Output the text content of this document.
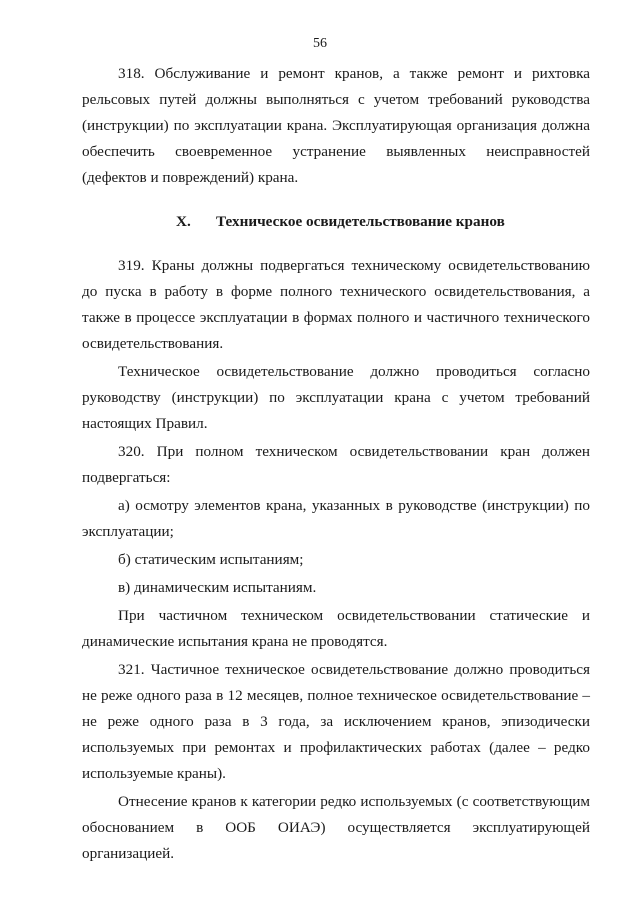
56

318. Обслуживание и ремонт кранов, а также ремонт и рихтовка рельсовых путей должны выполняться с учетом требований руководства (инструкции) по эксплуатации крана. Эксплуатирующая организация должна обеспечить своевременное устранение выявленных неисправностей (дефектов и повреждений) крана.

X. Техническое освидетельствование кранов

319. Краны должны подвергаться техническому освидетельствованию до пуска в работу в форме полного технического освидетельствования, а также в процессе эксплуатации в формах полного и частичного технического освидетельствования.

Техническое освидетельствование должно проводиться согласно руководству (инструкции) по эксплуатации крана с учетом требований настоящих Правил.

320. При полном техническом освидетельствовании кран должен подвергаться:

а) осмотру элементов крана, указанных в руководстве (инструкции) по эксплуатации;

б) статическим испытаниям;

в) динамическим испытаниям.

При частичном техническом освидетельствовании статические и динамические испытания крана не проводятся.

321. Частичное техническое освидетельствование должно проводиться не реже одного раза в 12 месяцев, полное техническое освидетельствование – не реже одного раза в 3 года, за исключением кранов, эпизодически используемых при ремонтах и профилактических работах (далее – редко используемые краны).

Отнесение кранов к категории редко используемых (с соответствующим обоснованием в ООБ ОИАЭ) осуществляется эксплуатирующей организацией.
